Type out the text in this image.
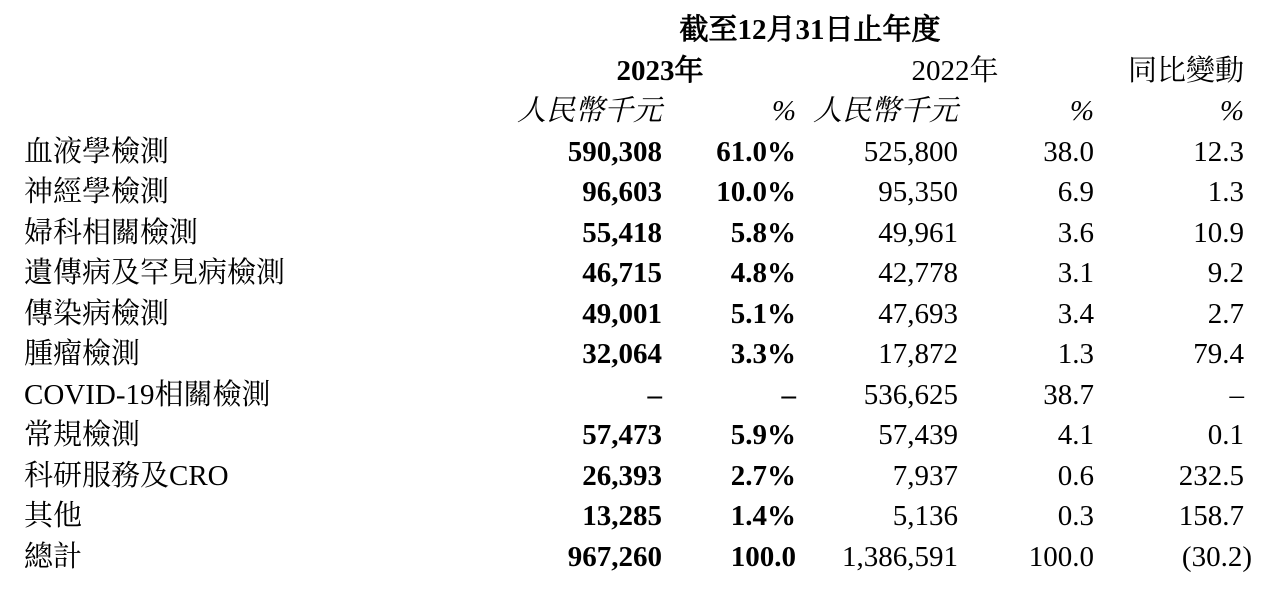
截至12月31日止年度
2023年	2022年	同比變動
人民幣千元	% 人民幣千元	%	%
血液學檢測	590,308	61.0%	525,800	38.0	12.3
神經學檢測	96,603	10.0%	95,350	6.9	1.3
婦科相關檢測	55,418	5.8%	49,961	3.6	10.9
遺傳病及罕見病檢測	46,715	4.8%	42,778	3.1	9.2
傳染病檢測	49,001	5.1%	47,693	3.4	2.7
腫瘤檢測	32,064	3.3%	17,872	1.3	79.4
COVID-19相關檢測	–	–	536,625	38.7	–
常規檢測	57,473	5.9%	57,439	4.1	0.1
科研服務及CRO	26,393	2.7%	7,937	0.6	232.5
其他	13,285	1.4%	5,136	0.3	158.7
總計	967,260	100.0	1,386,591	100.0	(30.2)
